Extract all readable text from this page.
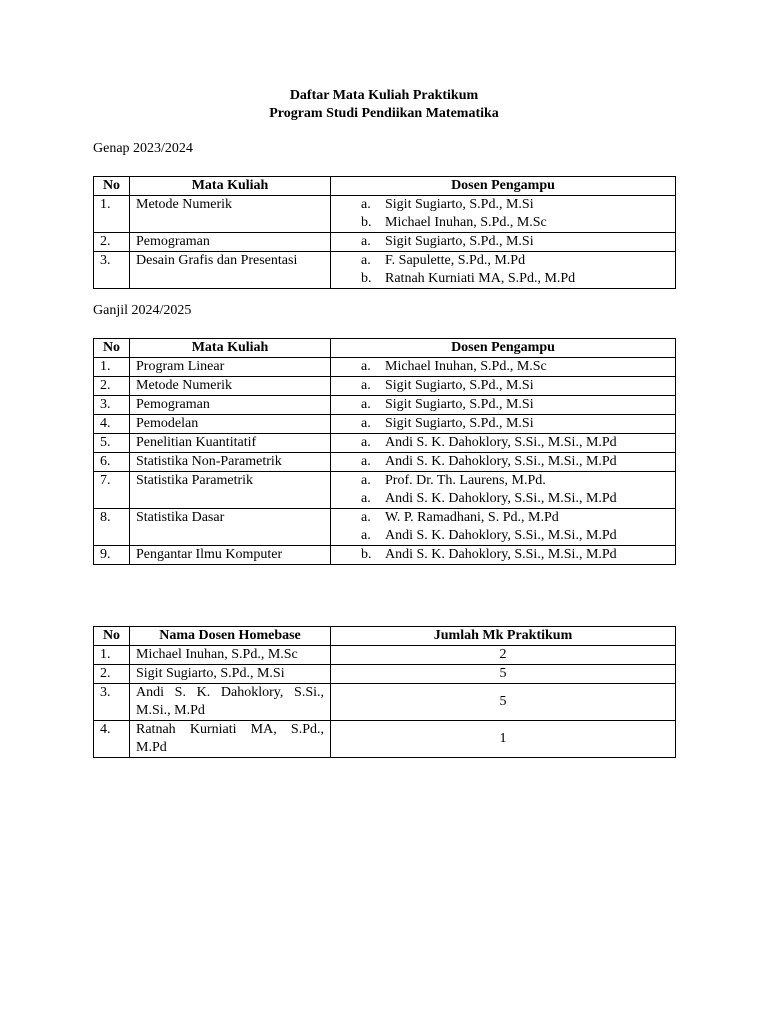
Daftar Mata Kuliah Praktikum
Program Studi Pendiikan Matematika
Genap 2023/2024
No	Mata Kuliah	Dosen Pengampu
1.	Metode Numerik	a. Sigit Sugiarto, S.Pd., M.Si
b. Michael Inuhan, S.Pd., M.Sc

2.	Pemograman	a. Sigit Sugiarto, S.Pd., M.Si

3.	Desain Grafis dan Presentasi	a. F. Sapulette, S.Pd., M.Pd
b. Ratnah Kurniati MA, S.Pd., M.Pd
Ganjil 2024/2025
No	Mata Kuliah	Dosen Pengampu
1.	Program Linear	a. Michael Inuhan, S.Pd., M.Sc

2.	Metode Numerik	a. Sigit Sugiarto, S.Pd., M.Si

3.	Pemograman	a. Sigit Sugiarto, S.Pd., M.Si

4.	Pemodelan	a. Sigit Sugiarto, S.Pd., M.Si

5.	Penelitian Kuantitatif	a. Andi S. K. Dahoklory, S.Si., M.Si., M.Pd

6.	Statistika Non-Parametrik	a. Andi S. K. Dahoklory, S.Si., M.Si., M.Pd

7.	Statistika Parametrik	a. Prof. Dr. Th. Laurens, M.Pd.
a. Andi S. K. Dahoklory, S.Si., M.Si., M.Pd

8.	Statistika Dasar	a. W. P. Ramadhani, S. Pd., M.Pd
a. Andi S. K. Dahoklory, S.Si., M.Si., M.Pd

9.	Pengantar Ilmu Komputer	b. Andi S. K. Dahoklory, S.Si., M.Si., M.Pd
No	Nama Dosen Homebase	Jumlah Mk Praktikum
1.	Michael Inuhan, S.Pd., M.Sc	2
2.	Sigit Sugiarto, S.Pd., M.Si	5
3.	Andi S. K. Dahoklory, S.Si., M.Si., M.Pd	5
4.	Ratnah Kurniati MA, S.Pd., M.Pd	1
